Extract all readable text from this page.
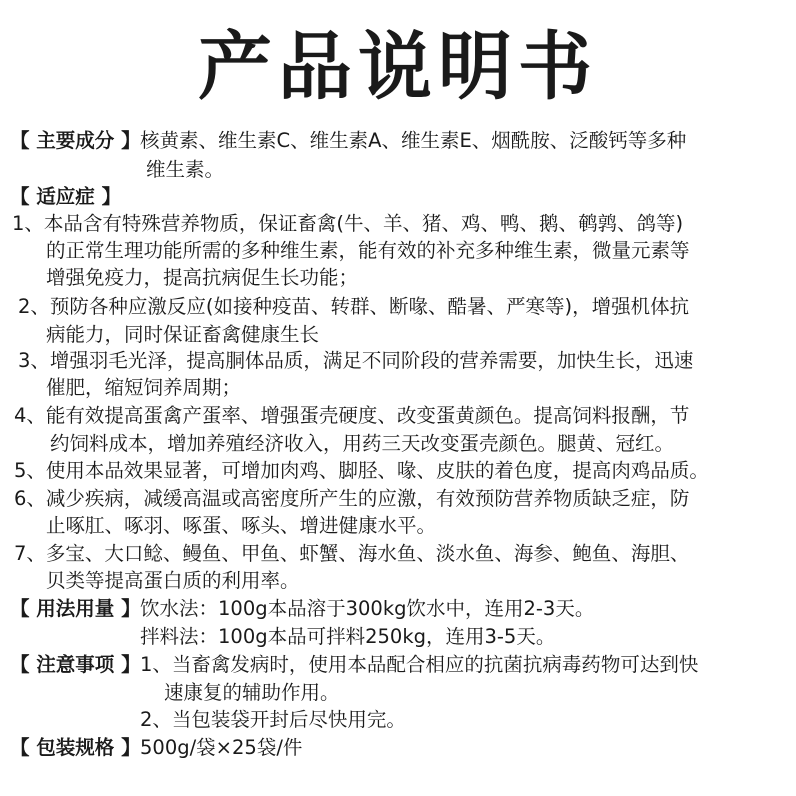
产品说明书
【 主要成分 】 核黄素、维生素C、维生素A、维生素E、烟酰胺、泛酸钙等多种
维生素。
【 适应症 】
1、本品含有特殊营养物质，保证畜禽(牛、羊、猪、鸡、鸭、鹅、鹌鹑、鸽等)
的正常生理功能所需的多种维生素，能有效的补充多种维生素，微量元素等
增强免疫力，提高抗病促生长功能；
2、预防各种应激反应(如接种疫苗、转群、断喙、酷暑、严寒等)，增强机体抗
病能力，同时保证畜禽健康生长
3、增强羽毛光泽，提高胴体品质，满足不同阶段的营养需要，加快生长，迅速
催肥，缩短饲养周期；
4、能有效提高蛋禽产蛋率、增强蛋壳硬度、改变蛋黄颜色。提高饲料报酬，节
约饲料成本，增加养殖经济收入，用药三天改变蛋壳颜色。腿黄、冠红。
5、使用本品效果显著，可增加肉鸡、脚胫、喙、皮肤的着色度，提高肉鸡品质。
6、减少疾病，减缓高温或高密度所产生的应激，有效预防营养物质缺乏症，防
止啄肛、啄羽、啄蛋、啄头、增进健康水平。
7、多宝、大口鲶、鳗鱼、甲鱼、虾蟹、海水鱼、淡水鱼、海参、鲍鱼、海胆、
贝类等提高蛋白质的利用率。
【 用法用量 】 饮水法：100g本品溶于300kg饮水中，连用2-3天。
拌料法：100g本品可拌料250kg，连用3-5天。
【 注意事项 】 1、当畜禽发病时，使用本品配合相应的抗菌抗病毒药物可达到快
速康复的辅助作用。
2、当包装袋开封后尽快用完。
【 包装规格 】 500g/袋×25袋/件
